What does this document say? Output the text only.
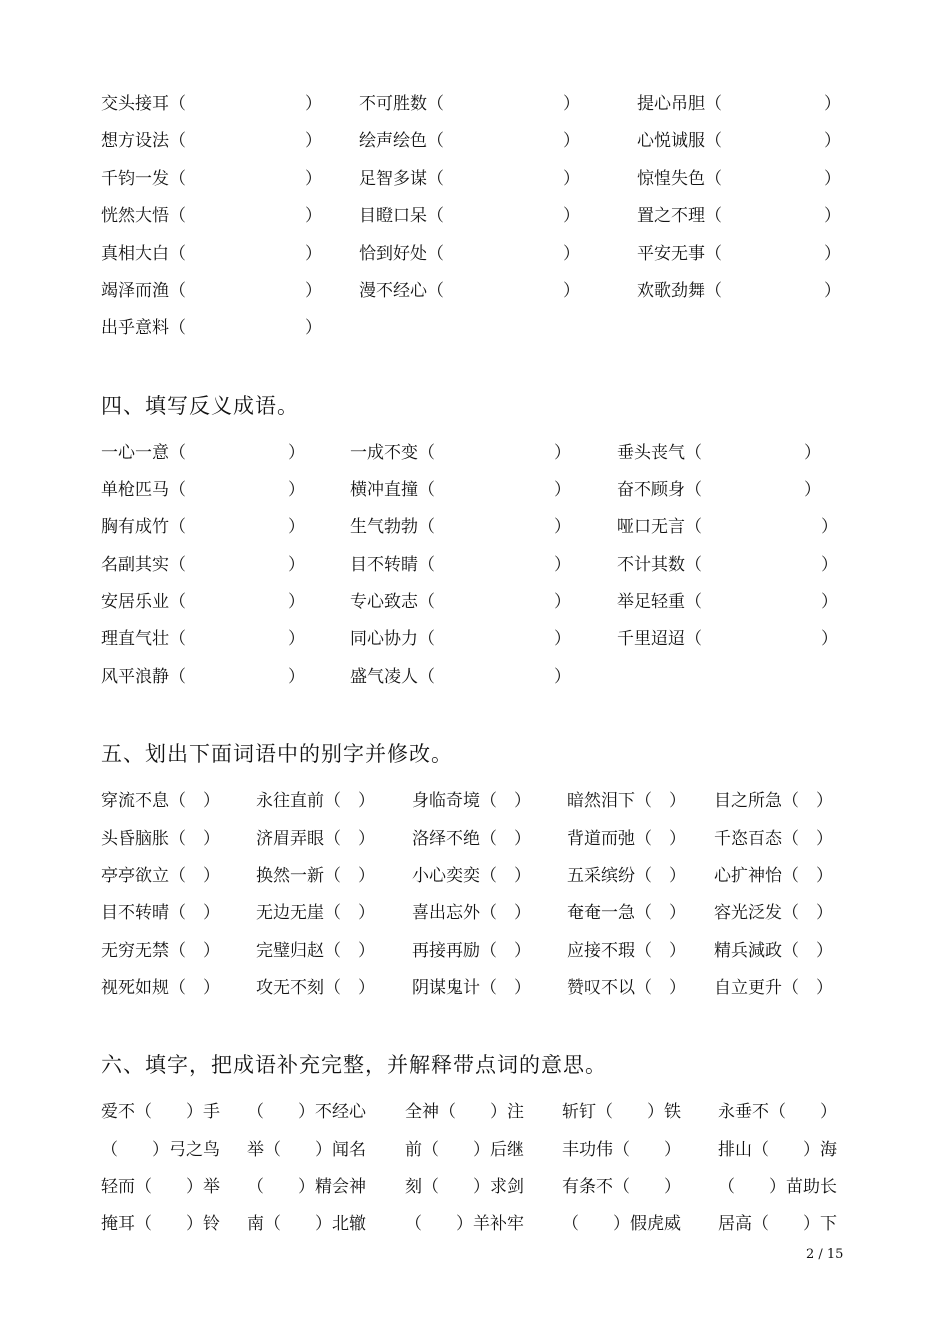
交头接耳（　　　　　　　） 不可胜数（　　　　　　　）	提心吊胆（　　　　　　）
想方设法（　　　　　　　） 绘声绘色（　　　　　　　）	心悦诚服（　　　　　　）
千钧一发（　　　　　　　） 足智多谋（　　　　　　　）	惊惶失色（　　　　　　）
恍然大悟（　　　　　　　） 目瞪口呆（　　　　　　　）	置之不理（　　　　　　）
真相大白（　　　　　　　） 恰到好处（　　　　　　　）	平安无事（　　　　　　）
竭泽而渔（　　　　　　　） 漫不经心（　　　　　　　）	欢歌劲舞（　　　　　　）
出乎意料（　　　　　　　）
四、填写反义成语。
一心一意（　　　　　　）	一成不变（　　　　　　　）	垂头丧气（　　　　　　）
单枪匹马（　　　　　　）	横冲直撞（　　　　　　　）	奋不顾身（　　　　　　）
胸有成竹（　　　　　　）	生气勃勃（　　　　　　　）	哑口无言（　　　　　　　）
名副其实（　　　　　　）	目不转睛（　　　　　　　）	不计其数（　　　　　　　）
安居乐业（　　　　　　）	专心致志（　　　　　　　）	举足轻重（　　　　　　　）
理直气壮（　　　　　　）	同心协力（　　　　　　　）	千里迢迢（　　　　　　　）
风平浪静（　　　　　　）	盛气凌人（　　　　　　　）
五、划出下面词语中的别字并修改。
穿流不息（　） 永往直前（　） 身临奇境（　） 暗然泪下（　） 目之所急（　）
头昏脑胀（　） 济眉弄眼（　） 洛绎不绝（　） 背道而弛（　） 千恣百态（　）
亭亭欲立（　） 换然一新（　） 小心奕奕（　） 五采缤纷（　） 心扩神怡（　）
目不转晴（　） 无边无崖（　） 喜出忘外（　） 奄奄一急（　） 容光泛发（　）
无穷无禁（　） 完璧归赵（　） 再接再励（　） 应接不瑕（　） 精兵減政（　）
视死如规（　） 攻无不刻（　） 阴谋鬼计（　） 赞叹不以（　） 自立更升（　）
六、填字，把成语补充完整，并解释带点词的意思。
爱不（　　）手 （　　）不经心 全神（　　）注 斩钉（　　）铁 永垂不（　　）
（　　）弓之鸟 举（　　）闻名 前（　　）后继 丰功伟（　　） 排山（　　）海
轻而（　　）举 （　　）精会神 刻（　　）求剑 有条不（　　） （　　）苗助长
掩耳（　　）铃 南（　　）北辙 （　　）羊补牢 （　　）假虎威 居高（　　）下
2 / 15
